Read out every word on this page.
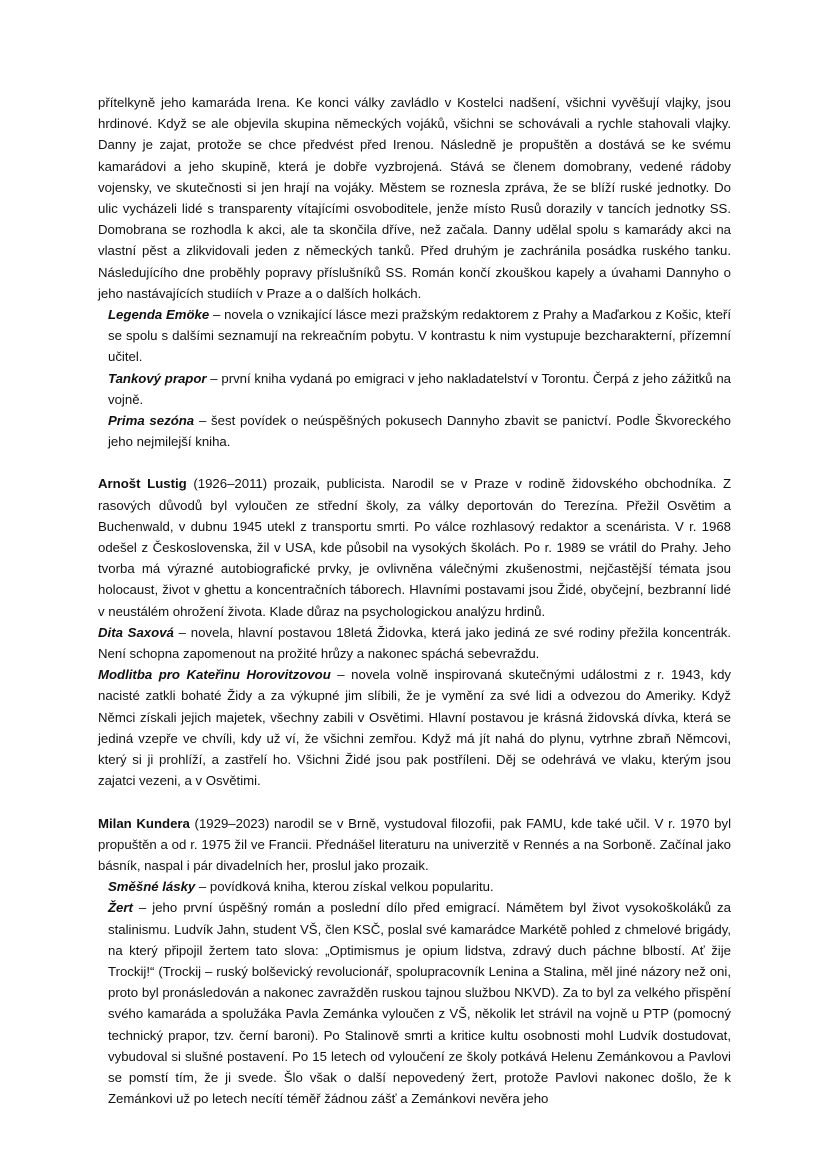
přítelkyně jeho kamaráda Irena. Ke konci války zavládlo v Kostelci nadšení, všichni vyvěšují vlajky, jsou hrdinové. Když se ale objevila skupina německých vojáků, všichni se schovávali a rychle stahovali vlajky. Danny je zajat, protože se chce předvést před Irenou. Následně je propuštěn a dostává se ke svému kamarádovi a jeho skupině, která je dobře vyzbrojená. Stává se členem domobrany, vedené rádoby vojensky, ve skutečnosti si jen hrají na vojáky. Městem se roznesla zpráva, že se blíží ruské jednotky. Do ulic vycházeli lidé s transparenty vítajícími osvoboditele, jenže místo Rusů dorazily v tancích jednotky SS. Domobrana se rozhodla k akci, ale ta skončila dříve, než začala. Danny udělal spolu s kamarády akci na vlastní pěst a zlikvidovali jeden z německých tanků. Před druhým je zachránila posádka ruského tanku. Následujícího dne proběhly popravy příslušníků SS. Román končí zkouškou kapely a úvahami Dannyho o jeho nastávajících studiích v Praze a o dalších holkách.

Legenda Emöke – novela o vznikající lásce mezi pražským redaktorem z Prahy a Maďarkou z Košic, kteří se spolu s dalšími seznamují na rekreačním pobytu. V kontrastu k nim vystupuje bezcharakterní, přízemní učitel.

Tankový prapor – první kniha vydaná po emigraci v jeho nakladatelství v Torontu. Čerpá z jeho zážitků na vojně.

Prima sezóna – šest povídek o neúspěšných pokusech Dannyho zbavit se panictví. Podle Škvoreckého jeho nejmilejší kniha.

Arnošt Lustig (1926–2011) prozaik, publicista. Narodil se v Praze v rodině židovského obchodníka. Z rasových důvodů byl vyloučen ze střední školy, za války deportován do Terezína. Přežil Osvětim a Buchenwald, v dubnu 1945 utekl z transportu smrti. Po válce rozhlasový redaktor a scenárista. V r. 1968 odešel z Československa, žil v USA, kde působil na vysokých školách. Po r. 1989 se vrátil do Prahy. Jeho tvorba má výrazné autobiografické prvky, je ovlivněna válečnými zkušenostmi, nejčastější témata jsou holocaust, život v ghettu a koncentračních táborech. Hlavními postavami jsou Židé, obyčejní, bezbranní lidé v neustálém ohrožení života. Klade důraz na psychologickou analýzu hrdinů.

Dita Saxová – novela, hlavní postavou 18letá Židovka, která jako jediná ze své rodiny přežila koncentrák. Není schopna zapomenout na prožité hrůzy a nakonec spáchá sebevraždu.

Modlitba pro Kateřinu Horovitzovou – novela volně inspirovaná skutečnými událostmi z r. 1943, kdy nacisté zatkli bohaté Židy a za výkupné jim slíbili, že je vymění za své lidi a odvezou do Ameriky. Když Němci získali jejich majetek, všechny zabili v Osvětimi. Hlavní postavou je krásná židovská dívka, která se jediná vzepře ve chvíli, kdy už ví, že všichni zemřou. Když má jít nahá do plynu, vytrhne zbraň Němcovi, který si ji prohlíží, a zastřelí ho. Všichni Židé jsou pak postříleni. Děj se odehrává ve vlaku, kterým jsou zajatci vezeni, a v Osvětimi.

Milan Kundera (1929–2023) narodil se v Brně, vystudoval filozofii, pak FAMU, kde také učil. V r. 1970 byl propuštěn a od r. 1975 žil ve Francii. Přednášel literaturu na univerzitě v Rennés a na Sorboně. Začínal jako básník, naspal i pár divadelních her, proslul jako prozaik.

Směšné lásky – povídková kniha, kterou získal velkou popularitu.

Žert – jeho první úspěšný román a poslední dílo před emigrací. Námětem byl život vysokoškoláků za stalinismu. Ludvík Jahn, student VŠ, člen KSČ, poslal své kamarádce Markétě pohled z chmelové brigády, na který připojil žertem tato slova: „Optimismus je opium lidstva, zdravý duch páchne blbostí. Ať žije Trockij!“ (Trockij – ruský bolševický revolucionář, spolupracovník Lenina a Stalina, měl jiné názory než oni, proto byl pronásledován a nakonec zavražděn ruskou tajnou službou NKVD). Za to byl za velkého přispění svého kamaráda a spolužáka Pavla Zemánka vyloučen z VŠ, několik let strávil na vojně u PTP (pomocný technický prapor, tzv. černí baroni). Po Stalinově smrti a kritice kultu osobnosti mohl Ludvík dostudovat, vybudoval si slušné postavení. Po 15 letech od vyloučení ze školy potkává Helenu Zemánkovou a Pavlovi se pomstí tím, že ji svede. Šlo však o další nepovedený žert, protože Pavlovi nakonec došlo, že k Zemánkovi už po letech necítí téměř žádnou zášť a Zemánkovi nevěra jeho
